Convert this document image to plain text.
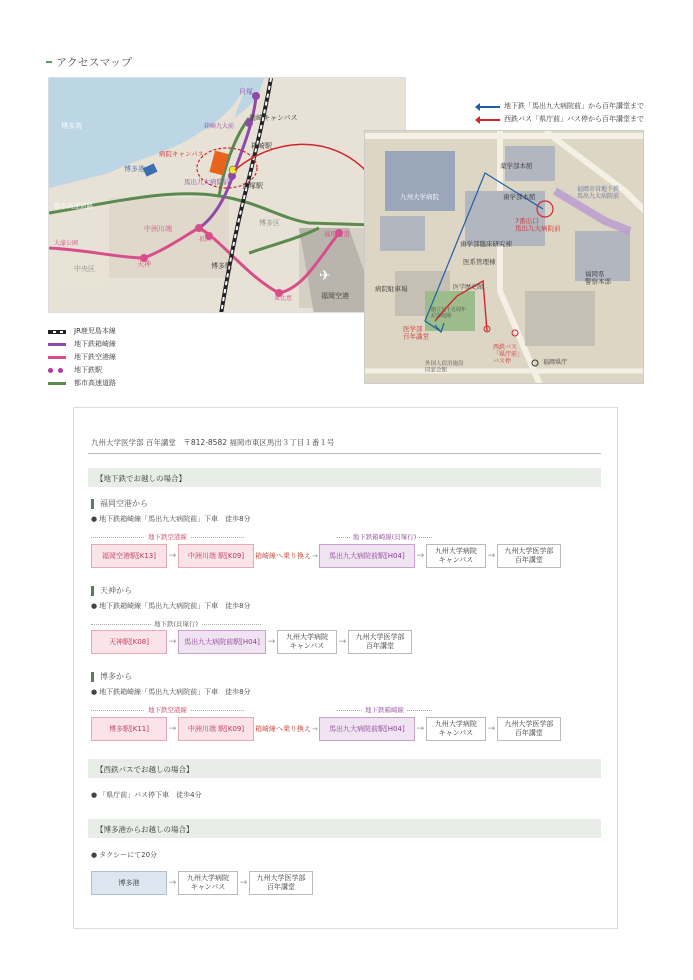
アクセスマップ
✈
博多湾
貝塚
箱崎九大前
箱崎キャンパス
箱崎駅
病院キャンパス
馬出九大病院前 吉塚駅
博多港
都市高速道路
中洲川端
祇園
大濠公園
天神
中央区
博多区
福岡空港
博多駅
東比恵	福岡空港
地下鉄「馬出九大病院前」から百年講堂まで
西鉄バス「県庁前」バス停から百年講堂まで
薬学部本館
九州大学病院	歯学部本館
福岡市営地下鉄馬出九大病院前
7番出口馬出九大病院前
歯学部臨床研究棟
医系管理棟
病院駐車場	医学歴史館
福岡県警察本部
医学部百年講堂
西鉄バス「県庁前」バス停
創立七十五周年記念庭園
外国人宿泊施設同窓会館
福岡県庁
JR鹿児島本線
地下鉄箱崎線
地下鉄空港線
地下鉄駅
都市高速道路
九州大学医学部 百年講堂　〒812-8582 福岡市東区馬出３丁目１番１号
【地下鉄でお越しの場合】
福岡空港から
● 地下鉄箱崎線「馬出九大病院前」下車　徒歩8分
地下鉄空港線	地下鉄箱崎線(貝塚行)
福岡空港駅[K13]	→	中洲川端 駅[K09]	箱崎線へ乗り換え→	馬出九大病院前駅[H04]	→	九州大学病院
キャンパス	→	九州大学医学部
百年講堂
天神から
● 地下鉄箱崎線「馬出九大病院前」下車　徒歩8分
地下鉄(貝塚行)
天神駅[K08]	→	馬出九大病院前駅[H04] →	九州大学病院
キャンパス	→	九州大学医学部
百年講堂
博多から
● 地下鉄箱崎線「馬出九大病院前」下車　徒歩8分
地下鉄空港線	地下鉄箱崎線
博多駅[K11]	→	中洲川端 駅[K09]	箱崎線へ乗り換え→	馬出九大病院前駅[H04]	→	九州大学病院
キャンパス	→	九州大学医学部
百年講堂
【西鉄バスでお越しの場合】
● 「県庁前」バス停下車　徒歩4分
【博多港からお越しの場合】
● タクシーにて20分
博多港	→	九州大学病院
キャンパス	→	九州大学医学部
百年講堂
